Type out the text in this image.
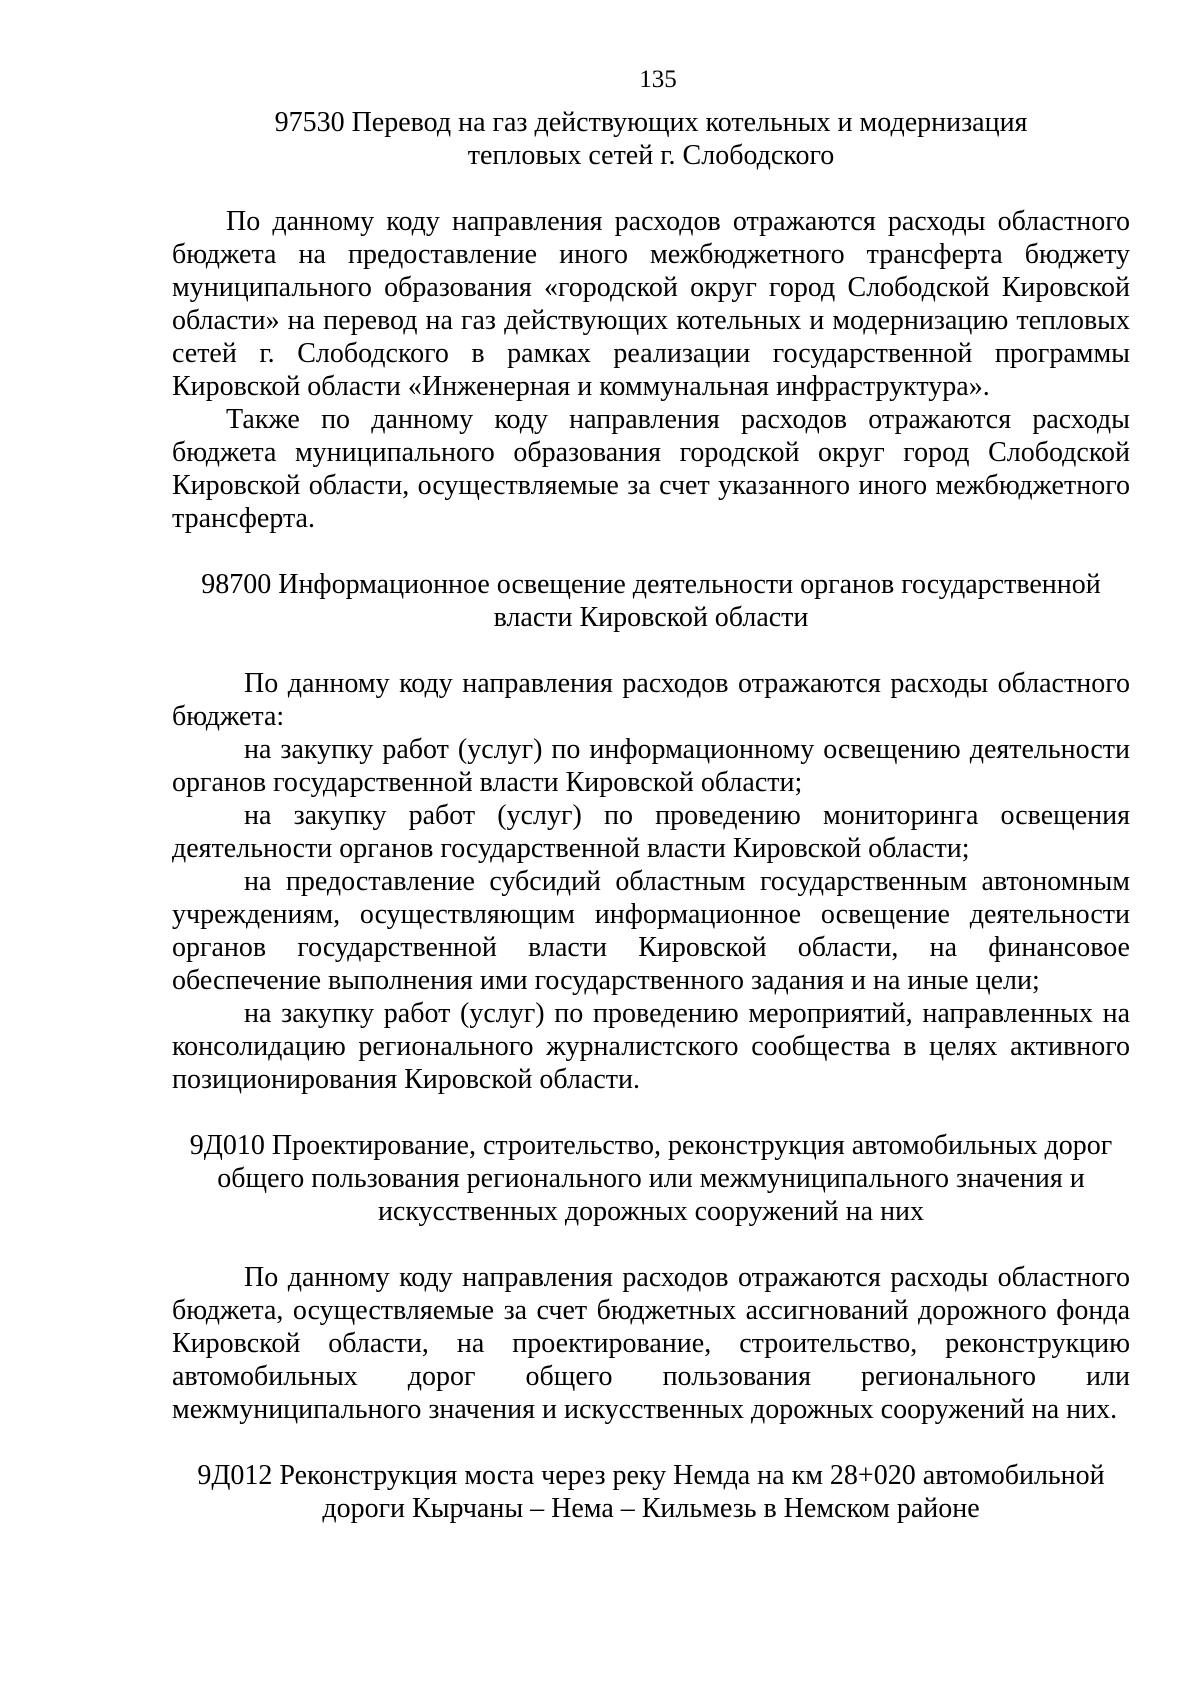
135
97530 Перевод на газ действующих котельных и модернизация
тепловых сетей г. Слободского

По данному коду направления расходов отражаются расходы областного бюджета на предоставление иного межбюджетного трансферта бюджету муниципального образования «городской округ город Слободской Кировской области» на перевод на газ действующих котельных и модернизацию тепловых сетей г. Слободского в рамках реализации государственной программы Кировской области «Инженерная и коммунальная инфраструктура».

Также по данному коду направления расходов отражаются расходы бюджета муниципального образования городской округ город Слободской Кировской области, осуществляемые за счет указанного иного межбюджетного трансферта.

98700 Информационное освещение деятельности органов государственной
власти Кировской области

По данному коду направления расходов отражаются расходы областного бюджета:

на закупку работ (услуг) по информационному освещению деятельности органов государственной власти Кировской области;

на закупку работ (услуг) по проведению мониторинга освещения деятельности органов государственной власти Кировской области;

на предоставление субсидий областным государственным автономным учреждениям, осуществляющим информационное освещение деятельности органов государственной власти Кировской области, на финансовое обеспечение выполнения ими государственного задания и на иные цели;

на закупку работ (услуг) по проведению мероприятий, направленных на консолидацию регионального журналистского сообщества в целях активного позиционирования Кировской области.

9Д010 Проектирование, строительство, реконструкция автомобильных дорог
общего пользования регионального или межмуниципального значения и
искусственных дорожных сооружений на них

По данному коду направления расходов отражаются расходы областного бюджета, осуществляемые за счет бюджетных ассигнований дорожного фонда Кировской области, на проектирование, строительство, реконструкцию автомобильных дорог общего пользования регионального или межмуниципального значения и искусственных дорожных сооружений на них.

9Д012 Реконструкция моста через реку Немда на км 28+020 автомобильной
дороги Кырчаны – Нема – Кильмезь в Немском районе
